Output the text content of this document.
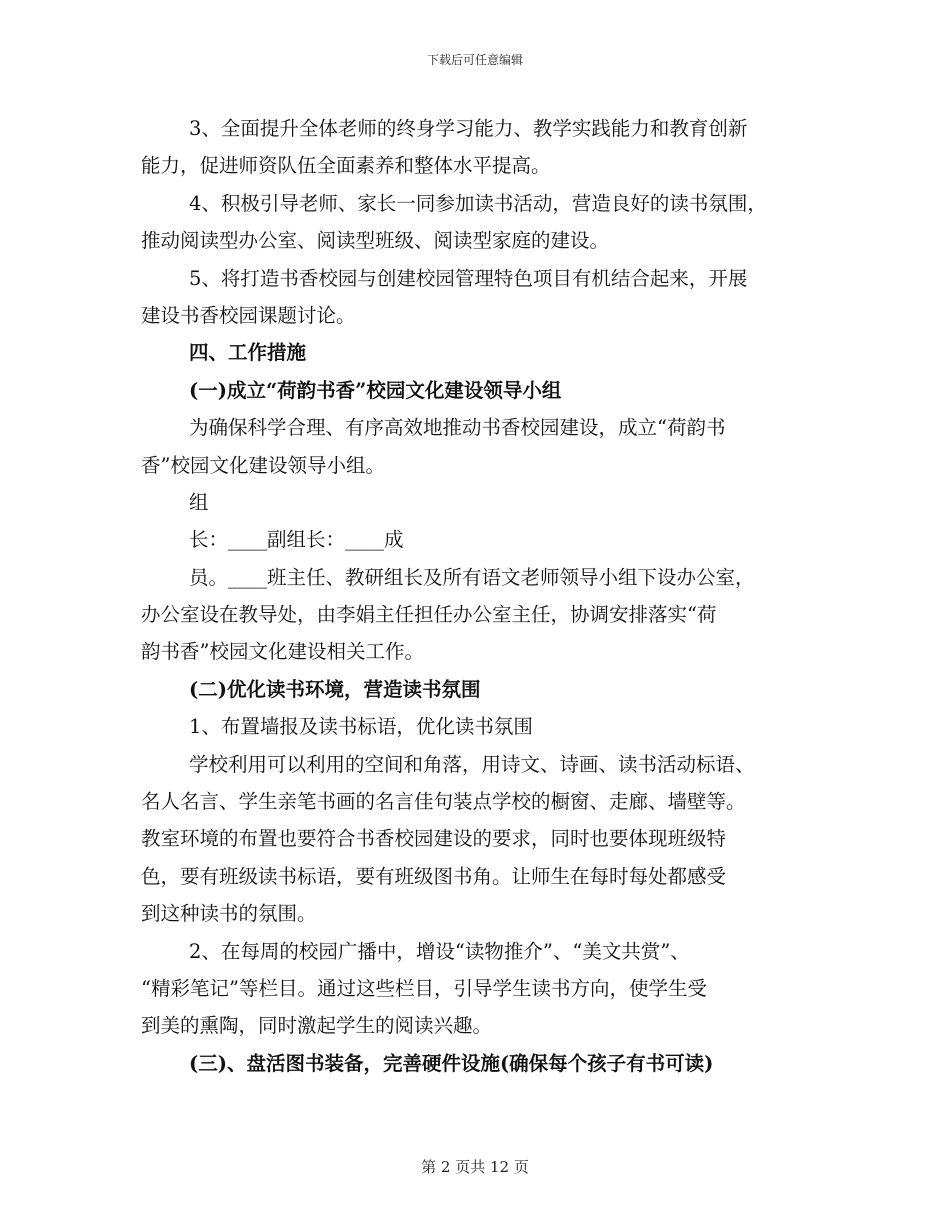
下载后可任意编辑
3、全面提升全体老师的终身学习能力、教学实践能力和教育创新
能力，促进师资队伍全面素养和整体水平提高。
4、积极引导老师、家长一同参加读书活动，营造良好的读书氛围，
推动阅读型办公室、阅读型班级、阅读型家庭的建设。
5、将打造书香校园与创建校园管理特色项目有机结合起来，开展
建设书香校园课题讨论。
四、工作措施
(一)成立“荷韵书香”校园文化建设领导小组
为确保科学合理、有序高效地推动书香校园建设，成立“荷韵书
香”校园文化建设领导小组。
组
长：____副组长：____成
员。____班主任、教研组长及所有语文老师领导小组下设办公室，
办公室设在教导处，由李娟主任担任办公室主任，协调安排落实“荷
韵书香”校园文化建设相关工作。
(二)优化读书环境，营造读书氛围
1、布置墙报及读书标语，优化读书氛围
学校利用可以利用的空间和角落，用诗文、诗画、读书活动标语、
名人名言、学生亲笔书画的名言佳句装点学校的橱窗、走廊、墙壁等。
教室环境的布置也要符合书香校园建设的要求，同时也要体现班级特
色，要有班级读书标语，要有班级图书角。让师生在每时每处都感受
到这种读书的氛围。
2、在每周的校园广播中，增设“读物推介”、“美文共赏”、
“精彩笔记”等栏目。通过这些栏目，引导学生读书方向，使学生受
到美的熏陶，同时激起学生的阅读兴趣。
(三)、盘活图书装备，完善硬件设施(确保每个孩子有书可读)
第 2 页共 12 页
